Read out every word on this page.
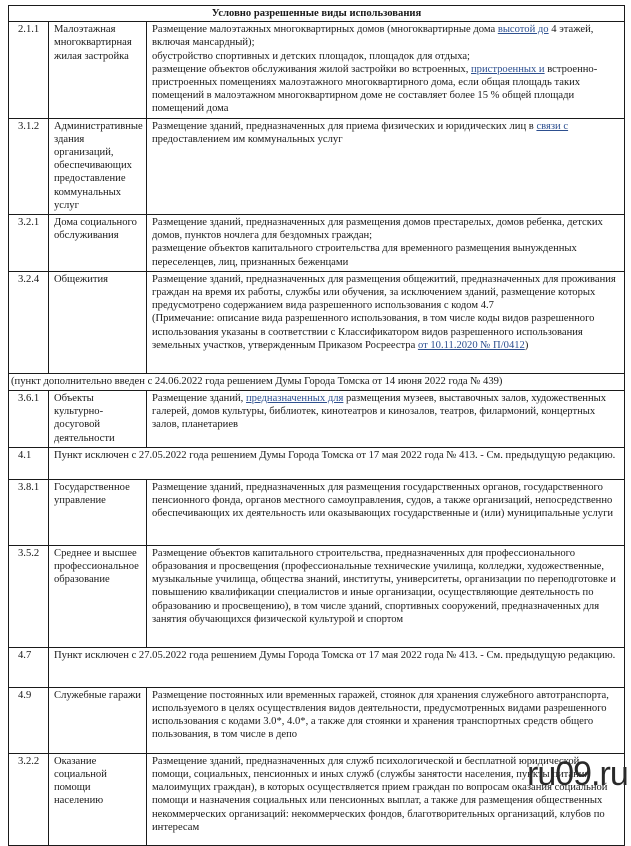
Условно разрешенные виды использования		
2.1.1	Малоэтажная многоквартирная жилая застройка	Размещение малоэтажных многоквартирных домов (многоквартирные дома высотой до 4 этажей, включая мансардный);
обустройство спортивных и детских площадок, площадок для отдыха;
размещение объектов обслуживания жилой застройки во встроенных, пристроенных и встроенно-пристроенных помещениях малоэтажного многоквартирного дома, если общая площадь таких помещений в малоэтажном многоквартирном доме не составляет более 15 % общей площади помещений дома
3.1.2	Административные здания организаций, обеспечивающих предоставление коммунальных услуг	Размещение зданий, предназначенных для приема физических и юридических лиц в связи с предоставлением им коммунальных услуг
3.2.1	Дома социального обслуживания	Размещение зданий, предназначенных для размещения домов престарелых, домов ребенка, детских домов, пунктов ночлега для бездомных граждан;
размещение объектов капитального строительства для временного размещения вынужденных переселенцев, лиц, признанных беженцами

3.2.4	Общежития	Размещение зданий, предназначенных для размещения общежитий, предназначенных для проживания граждан на время их работы, службы или обучения, за исключением зданий, размещение которых предусмотрено содержанием вида разрешенного использования с кодом 4.7
(Примечание: описание вида разрешенного использования, в том числе коды видов разрешенного использования указаны в соответствии с Классификатором видов разрешенного использования земельных участков, утвержденным Приказом Росреестра от 10.11.2020 № П/0412)
(пункт дополнительно введен с 24.06.2022 года решением Думы Города Томска от 14 июня 2022 года № 439)		
3.6.1	Объекты культурно-досуговой деятельности	Размещение зданий, предназначенных для размещения музеев, выставочных залов, художественных галерей, домов культуры, библиотек, кинотеатров и кинозалов, театров, филармоний, концертных залов, планетариев
4.1	Пункт исключен с 27.05.2022 года решением Думы Города Томска от 17 мая 2022 года № 413. - См. предыдущую редакцию.	
3.8.1	Государственное управление	Размещение зданий, предназначенных для размещения государственных органов, государственного пенсионного фонда, органов местного самоуправления, судов, а также организаций, непосредственно обеспечивающих их деятельность или оказывающих государственные и (или) муниципальные услуги
3.5.2	Среднее и высшее профессиональное образование	Размещение объектов капитального строительства, предназначенных для профессионального образования и просвещения (профессиональные технические училища, колледжи, художественные, музыкальные училища, общества знаний, институты, университеты, организации по переподготовке и повышению квалификации специалистов и иные организации, осуществляющие деятельность по образованию и просвещению), в том числе зданий, спортивных сооружений, предназначенных для занятия обучающихся физической культурой и спортом
4.7	Пункт исключен с 27.05.2022 года решением Думы Города Томска от 17 мая 2022 года № 413. - См. предыдущую редакцию.	
4.9	Служебные гаражи	Размещение постоянных или временных гаражей, стоянок для хранения служебного автотранспорта, используемого в целях осуществления видов деятельности, предусмотренных видами разрешенного использования с кодами 3.0*, 4.0*, а также для стоянки и хранения транспортных средств общего пользования, в том числе в депо
3.2.2	Оказание социальной помощи населению	Размещение зданий, предназначенных для служб психологической и бесплатной юридической помощи, социальных, пенсионных и иных служб (службы занятости населения, пункты питания малоимущих граждан), в которых осуществляется прием граждан по вопросам оказания социальной помощи и назначения социальных или пенсионных выплат, а также для размещения общественных некоммерческих организаций: некоммерческих фондов, благотворительных организаций, клубов по интересам
ru09.ru
